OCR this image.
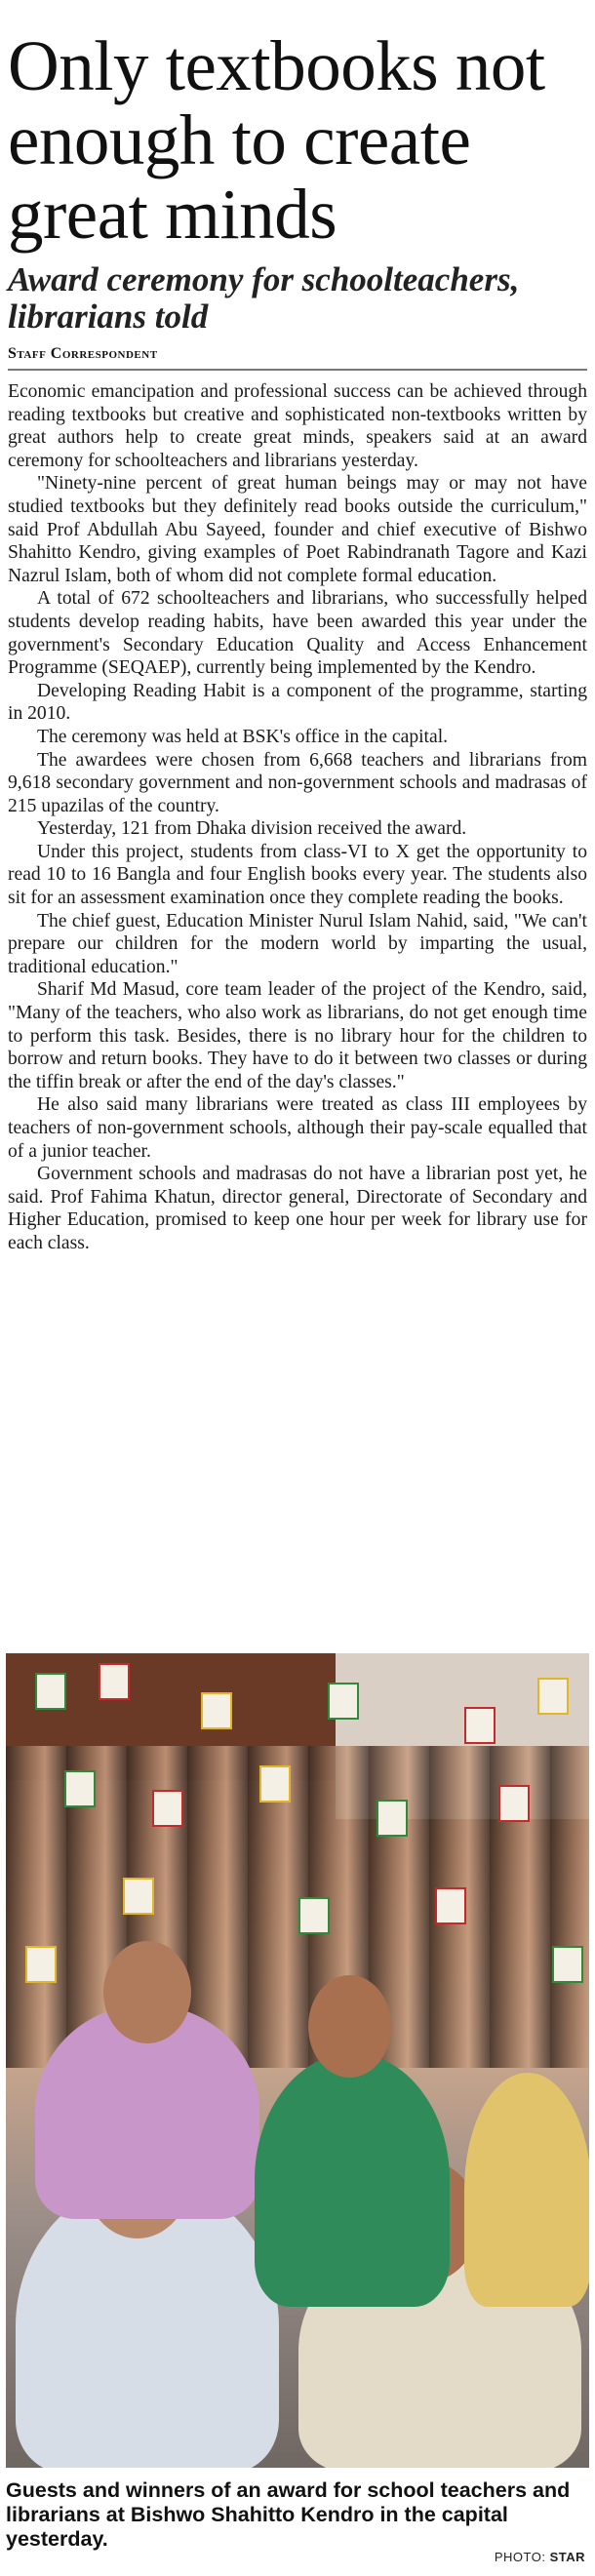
Only textbooks not enough to create great minds
Award ceremony for schoolteachers, librarians told
Staff Correspondent

Economic emancipation and professional success can be achieved through reading textbooks but creative and sophisticated non-textbooks written by great authors help to create great minds, speakers said at an award ceremony for schoolteachers and librarians yesterday.

"Ninety-nine percent of great human beings may or may not have studied textbooks but they definitely read books outside the curriculum," said Prof Abdullah Abu Sayeed, founder and chief executive of Bishwo Shahitto Kendro, giving examples of Poet Rabindranath Tagore and Kazi Nazrul Islam, both of whom did not complete formal education.

A total of 672 schoolteachers and librarians, who successfully helped students develop reading habits, have been awarded this year under the government's Secondary Education Quality and Access Enhancement Programme (SEQAEP), currently being implemented by the Kendro.

Developing Reading Habit is a component of the programme, starting in 2010.

The ceremony was held at BSK's office in the capital.

The awardees were chosen from 6,668 teachers and librarians from 9,618 secondary government and non-government schools and madrasas of 215 upazilas of the country.

Yesterday, 121 from Dhaka division received the award.

Under this project, students from class-VI to X get the opportunity to read 10 to 16 Bangla and four English books every year. The students also sit for an assessment examination once they complete reading the books.

The chief guest, Education Minister Nurul Islam Nahid, said, "We can't prepare our children for the modern world by imparting the usual, traditional education."

Sharif Md Masud, core team leader of the project of the Kendro, said, "Many of the teachers, who also work as librarians, do not get enough time to perform this task. Besides, there is no library hour for the children to borrow and return books. They have to do it between two classes or during the tiffin break or after the end of the day's classes."

He also said many librarians were treated as class III employees by teachers of non-government schools, although their pay-scale equalled that of a junior teacher.

Government schools and madrasas do not have a librarian post yet, he said. Prof Fahima Khatun, director general, Directorate of Secondary and Higher Education, promised to keep one hour per week for library use for each class.

Guests and winners of an award for school teachers and librarians at Bishwo Shahitto Kendro in the capital yesterday.
PHOTO: STAR
